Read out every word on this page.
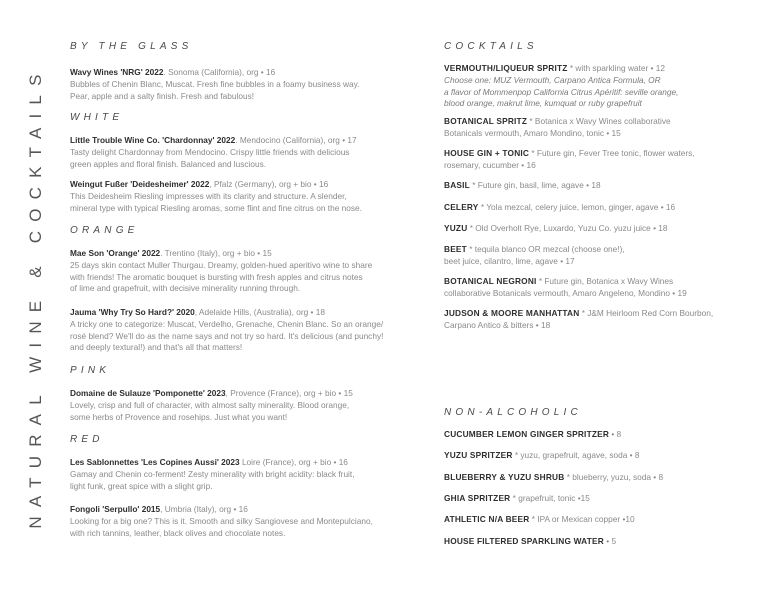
NATURAL WINE & COCKTAILS
BY THE GLASS
Wavy Wines 'NRG' 2022. Sonoma (California), org • 16
Bubbles of Chenin Blanc, Muscat. Fresh fine bubbles in a foamy business way.
Pear, apple and a salty finish. Fresh and fabulous!
WHITE
Little Trouble Wine Co. 'Chardonnay' 2022. Mendocino (California), org • 17
Tasty delight Chardonnay from Mendocino. Crispy little friends with delicious
green apples and floral finish. Balanced and luscious.
Weingut Fußer 'Deidesheimer' 2022, Pfalz (Germany), org + bio • 16
This Deidesheim Riesling impresses with its clarity and structure. A slender,
mineral type with typical Riesling aromas, some flint and fine citrus on the nose.
ORANGE
Mae Son 'Orange' 2022. Trentino (Italy), org + bio • 15
25 days skin contact Muller Thurgau. Dreamy, golden-hued aperitivo wine to share
with friends! The aromatic bouquet is bursting with fresh apples and citrus notes
of lime and grapefruit, with decisive minerality running through.
Jauma 'Why Try So Hard?' 2020, Adelaide Hills, (Australia), org • 18
A tricky one to categorize: Muscat, Verdelho, Grenache, Chenin Blanc. So an orange/
rosé blend? We'll do as the name says and not try so hard. It's delicious (and punchy!
and deeply textural!) and that's all that matters!
PINK
Domaine de Sulauze 'Pomponette' 2023, Provence (France), org + bio • 15
Lovely, crisp and full of character, with almost salty minerality. Blood orange,
some herbs of Provence and rosehips. Just what you want!
RED
Les Sablonnettes 'Les Copines Aussi' 2023 Loire (France), org + bio • 16
Gamay and Chenin co-ferment! Zesty minerality with bright acidity: black fruit,
light funk, great spice with a slight grip.
Fongoli 'Serpullo' 2015, Umbria (Italy), org • 16
Looking for a big one? This is it. Smooth and silky Sangiovese and Montepulciano,
with rich tannins, leather, black olives and chocolate notes.
COCKTAILS
VERMOUTH/LIQUEUR SPRITZ * with sparkling water • 12
Choose one: MUZ Vermouth, Carpano Antica Formula, OR
a flavor of Mommenpop California Citrus Apéritif: seville orange,
blood orange, makrut lime, kumquat or ruby grapefruit
BOTANICAL SPRITZ * Botanica x Wavy Wines collaborative
Botanicals vermouth, Amaro Mondino, tonic • 15
HOUSE GIN + TONIC * Future gin, Fever Tree tonic, flower waters,
rosemary, cucumber • 16
BASIL * Future gin, basil, lime, agave • 18
CELERY * Yola mezcal, celery juice, lemon, ginger, agave • 16
YUZU * Old Overholt Rye, Luxardo, Yuzu Co. yuzu juice • 18
BEET * tequila blanco OR mezcal (choose one!),
beet juice, cilantro, lime, agave • 17
BOTANICAL NEGRONI * Future gin, Botanica x Wavy Wines
collaborative Botanicals vermouth, Amaro Angeleno, Mondino • 19
JUDSON & MOORE MANHATTAN * J&M Heirloom Red Corn Bourbon,
Carpano Antico & bitters • 18
NON-ALCOHOLIC
CUCUMBER LEMON GINGER SPRITZER • 8
YUZU SPRITZER * yuzu, grapefruit, agave, soda • 8
BLUEBERRY & YUZU SHRUB * blueberry, yuzu, soda • 8
GHIA SPRITZER * grapefruit, tonic •15
ATHLETIC N/A BEER * IPA or Mexican copper •10
HOUSE FILTERED SPARKLING WATER • 5
